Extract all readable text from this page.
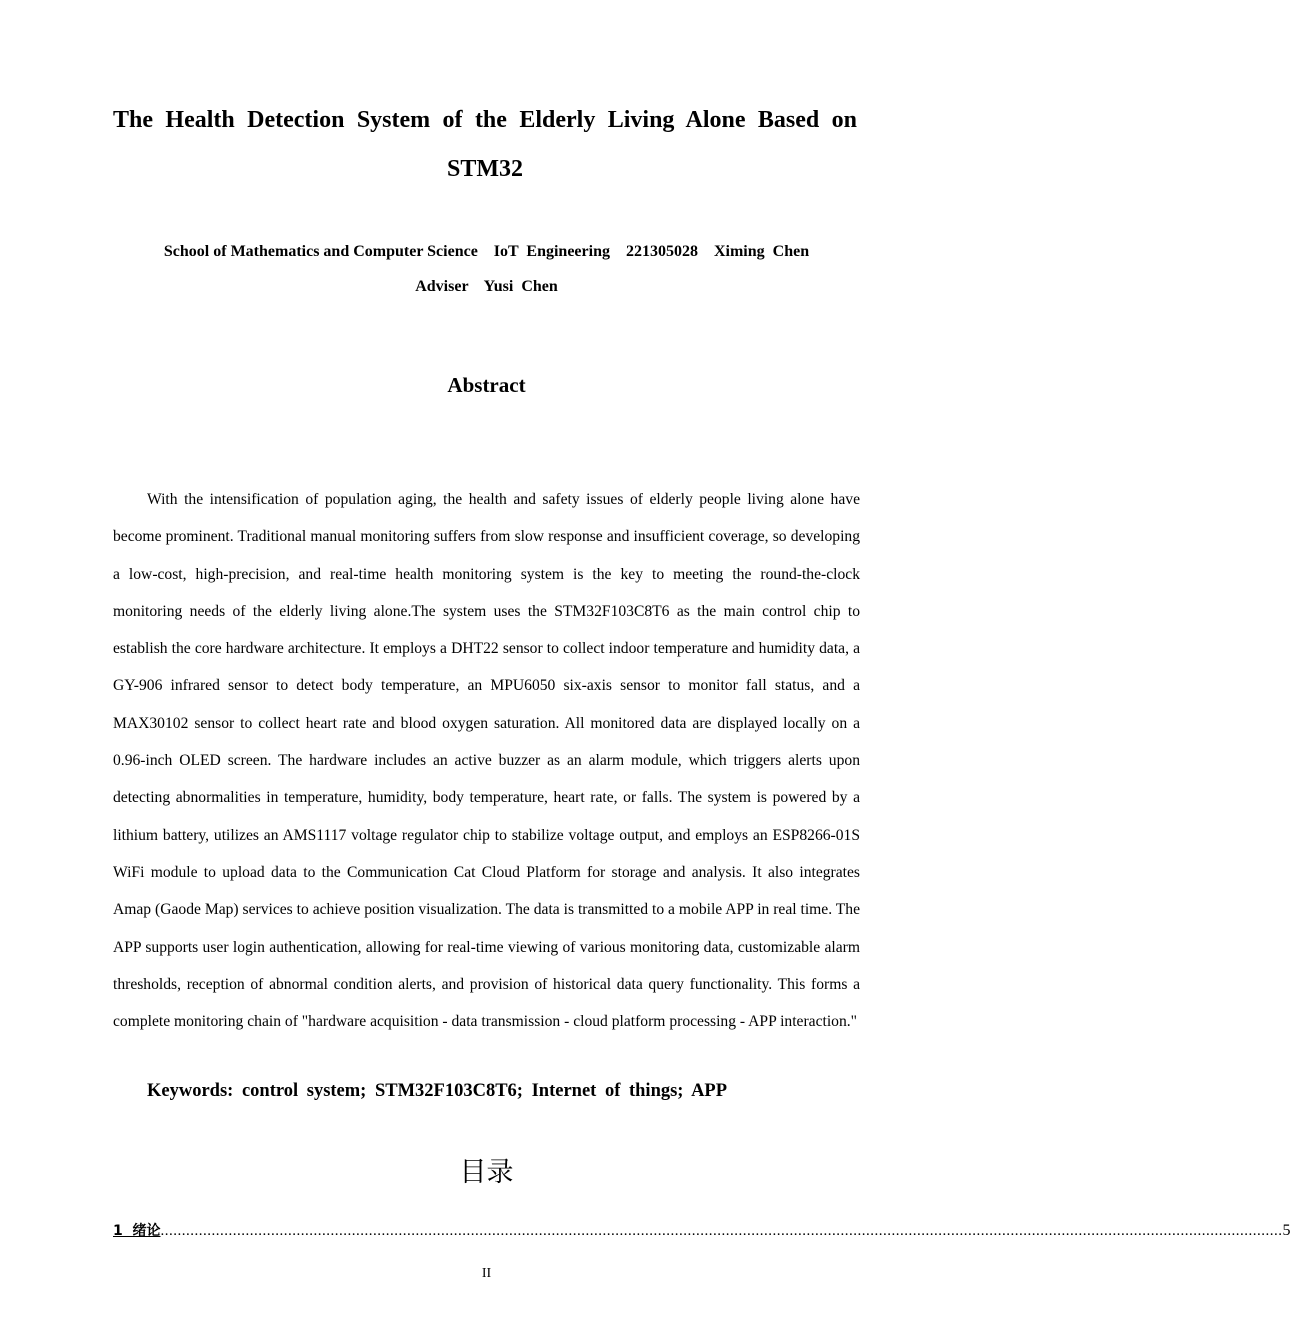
The Health Detection System of the Elderly Living Alone Based on STM32
School of Mathematics and Computer Science    IoT  Engineering    221305028    Ximing  Chen
Adviser    Yusi  Chen
Abstract

With the intensification of population aging, the health and safety issues of elderly people living alone have become prominent. Traditional manual monitoring suffers from slow response and insufficient coverage, so developing a low-cost, high-precision, and real-time health monitoring system is the key to meeting the round-the-clock monitoring needs of the elderly living alone.The system uses the STM32F103C8T6 as the main control chip to establish the core hardware architecture. It employs a DHT22 sensor to collect indoor temperature and humidity data, a GY-906 infrared sensor to detect body temperature, an MPU6050 six-axis sensor to monitor fall status, and a MAX30102 sensor to collect heart rate and blood oxygen saturation. All monitored data are displayed locally on a 0.96-inch OLED screen. The hardware includes an active buzzer as an alarm module, which triggers alerts upon detecting abnormalities in temperature, humidity, body temperature, heart rate, or falls. The system is powered by a lithium battery, utilizes an AMS1117 voltage regulator chip to stabilize voltage output, and employs an ESP8266-01S WiFi module to upload data to the Communication Cat Cloud Platform for storage and analysis. It also integrates Amap (Gaode Map) services to achieve position visualization. The data is transmitted to a mobile APP in real time. The APP supports user login authentication, allowing for real-time viewing of various monitoring data, customizable alarm thresholds, reception of abnormal condition alerts, and provision of historical data query functionality. This forms a complete monitoring chain of "hardware acquisition - data transmission - cloud platform processing - APP interaction."

Keywords: control system; STM32F103C8T6; Internet of things; APP
目录
1  绪论 ........................................................................................................................................................................................................................................................................ 5
II
